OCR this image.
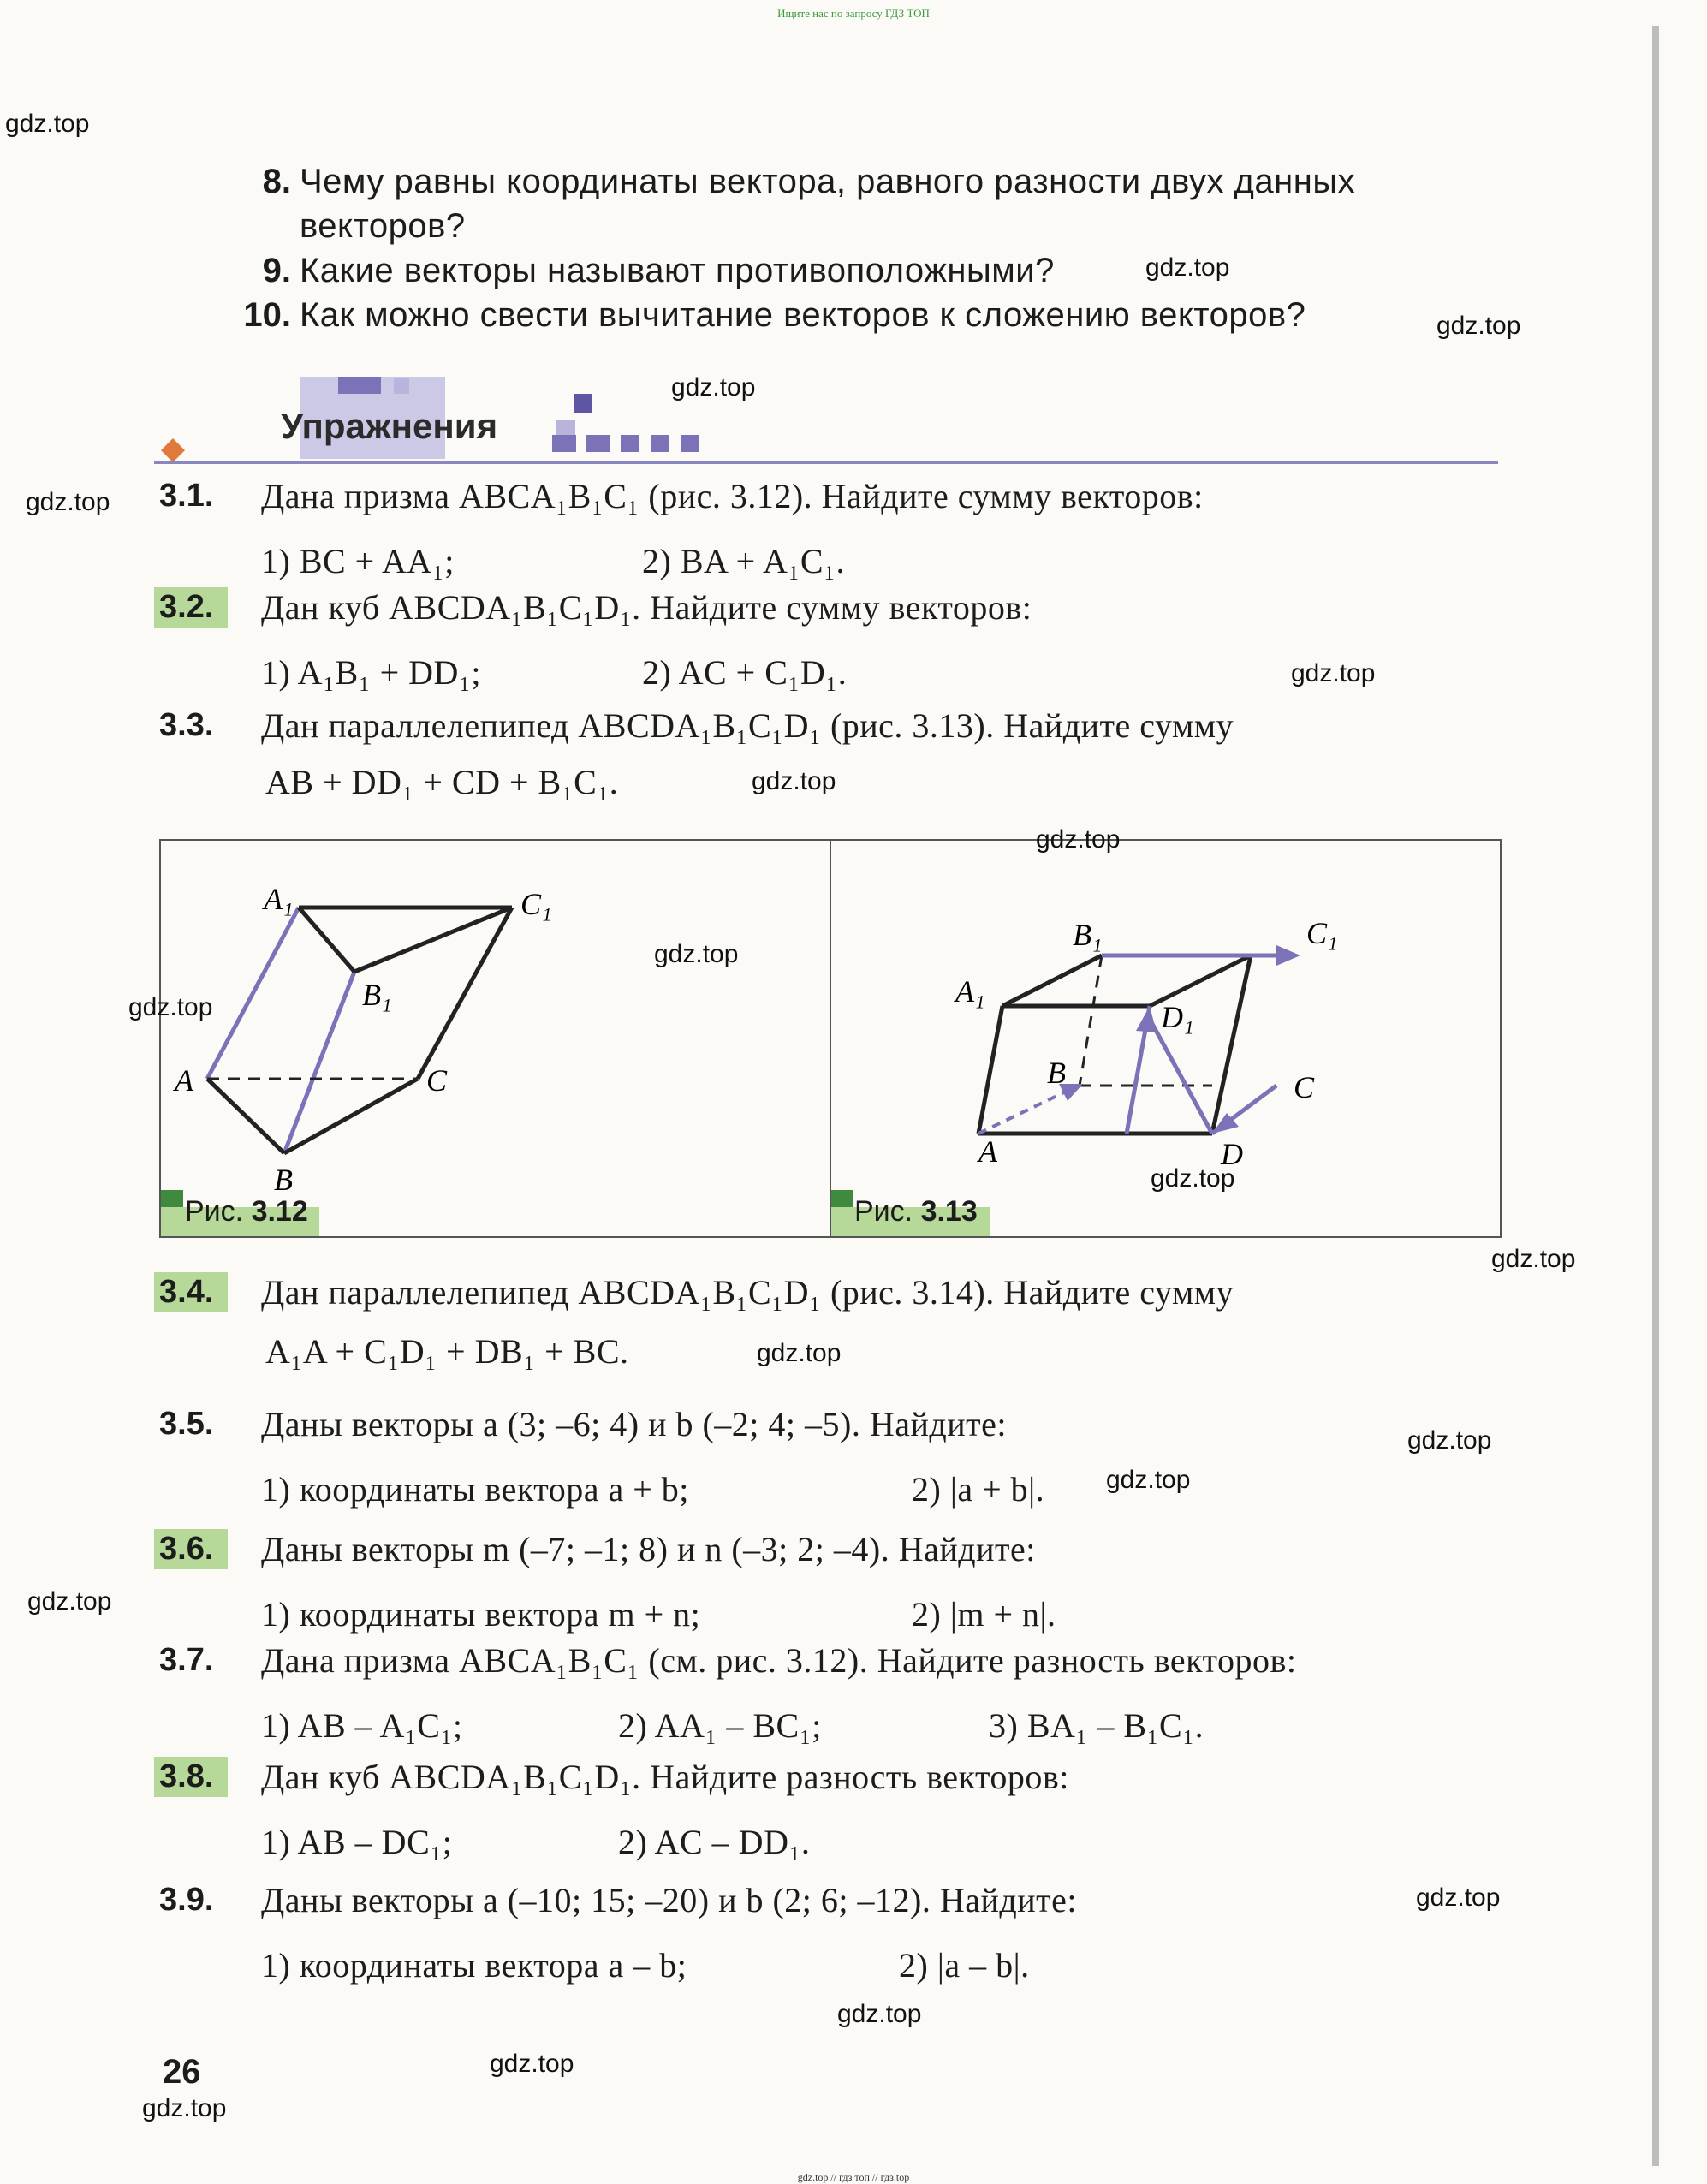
Ищите нас по запросу ГДЗ ТОП
gdz.top // гдз топ // гдз.top
8. Чему равны координаты вектора, равного разности двух данных
векторов?
9. Какие векторы называют противоположными?
10. Как можно свести вычитание векторов к сложению векторов?
Упражнения
3.1.	Дана призма ABCA₁B₁C₁ (рис. 3.12). Найдите сумму векторов:
1) BC + AA₁;	2) BA + A₁C₁.
3.2.	Дан куб ABCDA₁B₁C₁D₁. Найдите сумму векторов:
1) A₁B₁ + DD₁;	2) AC + C₁D₁.
3.3.	Дан параллелепипед ABCDA₁B₁C₁D₁ (рис. 3.13). Найдите сумму
AB + DD₁ + CD + B₁C₁.
A₁	C₁
B₁
A	C
B
Рис. 3.12
B₁	C₁
A₁
D₁
B	C
A	D
Рис. 3.13
3.4.	Дан параллелепипед ABCDA₁B₁C₁D₁ (рис. 3.14). Найдите сумму
A₁A + C₁D₁ + DB₁ + BC.
3.5.	Даны векторы a (3; –6; 4) и b (–2; 4; –5). Найдите:
1) координаты вектора a + b;	2) |a + b|.
3.6.	Даны векторы m (–7; –1; 8) и n (–3; 2; –4). Найдите:
1) координаты вектора m + n;	2) |m + n|.
3.7.	Дана призма ABCA₁B₁C₁ (см. рис. 3.12). Найдите разность векторов:
1) AB – A₁C₁;	2) AA₁ – BC₁;	3) BA₁ – B₁C₁.
3.8.	Дан куб ABCDA₁B₁C₁D₁. Найдите разность векторов:
1) AB – DC₁;	2) AC – DD₁.
3.9.	Даны векторы a (–10; 15; –20) и b (2; 6; –12). Найдите:
1) координаты вектора a – b;	2) |a – b|.
26
gdz.top
gdz.top
gdz.top
gdz.top
gdz.top
gdz.top
gdz.top
gdz.top
gdz.top
gdz.top
gdz.top
gdz.top
gdz.top
gdz.top
gdz.top
gdz.top
gdz.top
gdz.top
gdz.top
gdz.top
